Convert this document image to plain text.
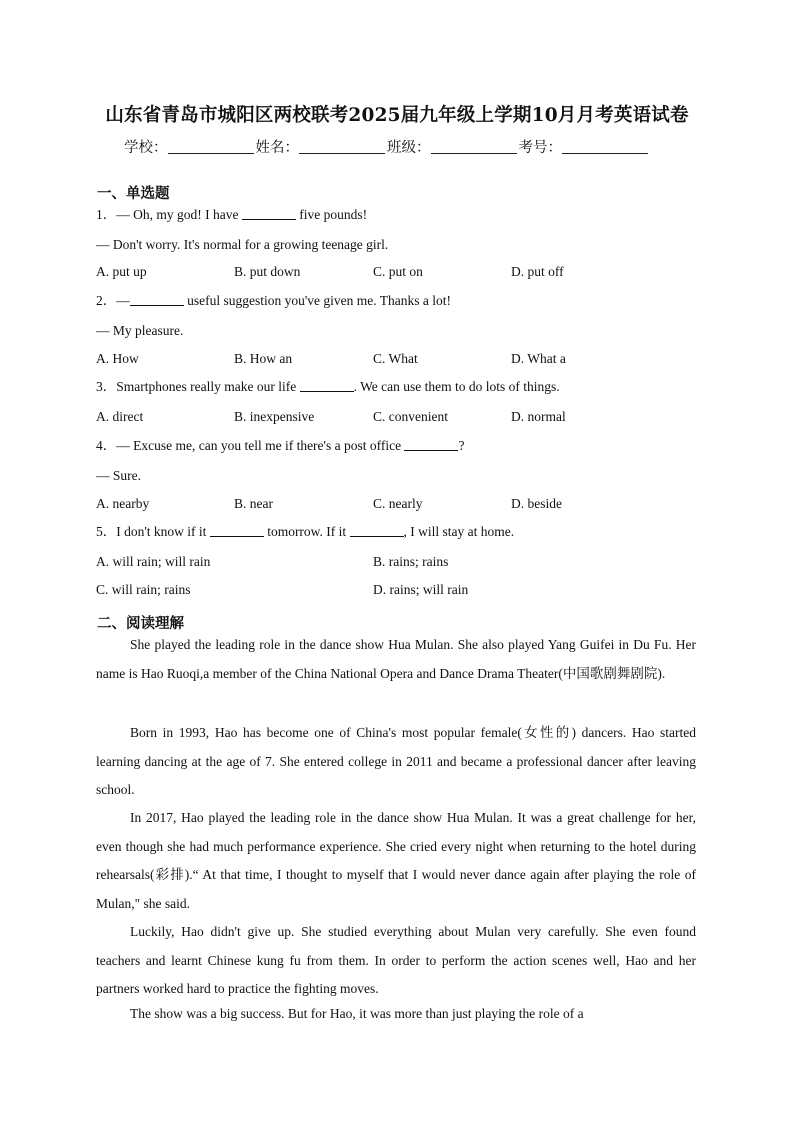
山东省青岛市城阳区两校联考2025届九年级上学期10月月考英语试卷
学校：	姓名：	班级：	考号：
一、单选题
1．— Oh, my god! I have	five pounds!
— Don't worry. It's normal for a growing teenage girl.
A. put up	B. put down	C. put on	D. put off
2．—	useful suggestion you've given me. Thanks a lot!
— My pleasure.
A. How	B. How an	C. What	D. What a
3．Smartphones really make our life	. We can use them to do lots of things.
A. direct	B. inexpensive	C. convenient	D. normal
4．— Excuse me, can you tell me if there's a post office	?
— Sure.
A. nearby	B. near	C. nearly	D. beside
5．I don't know if it	tomorrow. If it	, I will stay at home.
A. will rain; will rain	B. rains; rains
C. will rain; rains	D. rains; will rain
二、阅读理解
She played the leading role in the dance show Hua Mulan. She also played Yang Guifei in Du Fu. Her name is Hao Ruoqi,a member of the China National Opera and Dance Drama Theater(中国歌剧舞剧院).
Born in 1993, Hao has become one of China's most popular female(女性的) dancers. Hao started learning dancing at the age of 7. She entered college in 2011 and became a professional dancer after leaving school.
In 2017, Hao played the leading role in the dance show Hua Mulan. It was a great challenge for her, even though she had much performance experience. She cried every night when returning to the hotel during rehearsals(彩排).“ At that time, I thought to myself that I would never dance again after playing the role of Mulan," she said.
Luckily, Hao didn't give up. She studied everything about Mulan very carefully. She even found teachers and learnt Chinese kung fu from them. In order to perform the action scenes well, Hao and her partners worked hard to practice the fighting moves.
The show was a big success. But for Hao, it was more than just playing the role of a
